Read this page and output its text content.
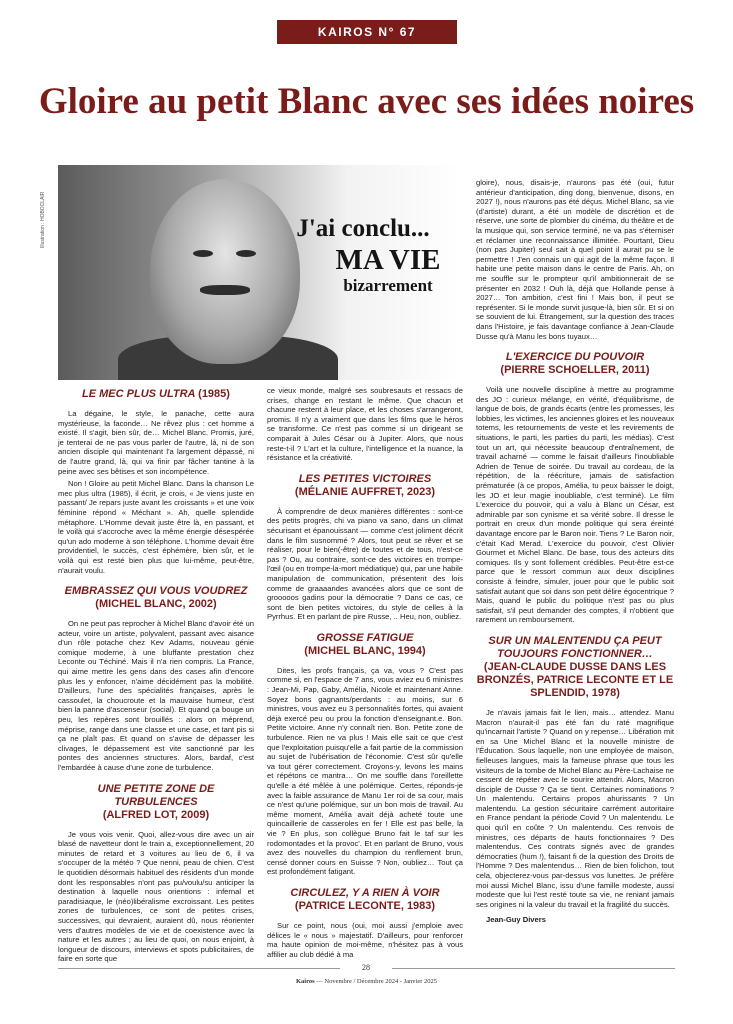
KAIROS N° 67
Gloire au petit Blanc avec ses idées noires
Illustration : HOBOCLAIR	J'ai conclu...
MA VIE
bizarrement
LE MEC PLUS ULTRA (1985)

La dégaine, le style, le panache, cette aura mystérieuse, la faconde… Ne rêvez plus : cet homme a existé. Il s'agit, bien sûr, de… Michel Blanc. Promis, juré, je tenterai de ne pas vous parler de l'autre, là, ni de son ancien disciple qui maintenant l'a largement dépassé, ni de l'autre grand, là, qui va finir par fâcher tantine à la peine avec ses bêtises et son incompétence.

Non ! Gloire au petit Michel Blanc. Dans la chanson Le mec plus ultra (1985), il écrit, je crois, « Je viens juste en passant/ Je repars juste avant les croissants » et une voix féminine répond « Méchant ». Ah, quelle splendide métaphore. L'Homme devait juste être là, en passant, et le voilà qui s'accroche avec la même énergie désespérée qu'un ado moderne à son téléphone. L'homme devait être providentiel, le succès, c'est éphémère, bien sûr, et le voilà qui est resté bien plus que lui-même, peut-être, n'aurait voulu.

EMBRASSEZ QUI VOUS VOUDREZ
(MICHEL BLANC, 2002)

On ne peut pas reprocher à Michel Blanc d'avoir été un acteur, voire un artiste, polyvalent, passant avec aisance d'un rôle potache chez Kev Adams, nouveau génie comique moderne, à une bluffante prestation chez Leconte ou Téchiné. Mais il n'a rien compris. La France, qui aime mettre les gens dans des cases afin d'encore plus les y enfoncer, n'aime décidément pas la mobilité. D'ailleurs, l'une des spécialités françaises, après le cassoulet, la choucroute et la mauvaise humeur, c'est bien la panne d'ascenseur (social). Et quand ça bouge un peu, les repères sont brouillés : alors on méprend, méprise, range dans une classe et une case, et tant pis si ça ne plaît pas. Et quand on s'avise de dépasser les clivages, le dépassement est vite sanctionné par les pontes des anciennes structures. Alors, bardaf, c'est l'embardée à cause d'une zone de turbulence.

UNE PETITE ZONE DE TURBULENCES
(ALFRED LOT, 2009)

Je vous vois venir. Quoi, allez-vous dire avec un air blasé de navetteur dont le train a, exceptionnellement, 20 minutes de retard et 3 voitures au lieu de 6, il va s'occuper de la météo ? Que nenni, peau de chien. C'est le quotidien désormais habituel des résidents d'un monde dont les responsables n'ont pas pu/voulu/su anticiper la destination à laquelle nous orientions : infernal et paradisiaque, le (néo)libéralisme excroissant. Les petites zones de turbulences, ce sont de petites crises, successives, qui devraient, auraient dû, nous réorienter vers d'autres modèles de vie et de coexistence avec la nature et les autres ; au lieu de quoi, on nous enjoint, à longueur de discours, interviews et spots publicitaires, de faire en sorte que

ce vieux monde, malgré ses soubresauts et ressacs de crises, change en restant le même. Que chacun et chacune restent à leur place, et les choses s'arrangeront, promis. Il n'y a vraiment que dans les films que le héros se transforme. Ce n'est pas comme si un dirigeant se comparait à Jules César ou à Jupiter. Alors, que nous reste-t-il ? L'art et la culture, l'intelligence et la nuance, la résistance et la créativité.

LES PETITES VICTOIRES
(MÉLANIE AUFFRET, 2023)

À comprendre de deux manières différentes : sont-ce des petits progrès, chi va piano va sano, dans un climat sécurisant et épanouissant — comme c'est joliment décrit dans le film susnommé ? Alors, tout peut se rêver et se réaliser, pour le bien(-être) de toutes et de tous, n'est-ce pas ? Ou, au contraire, sont-ce des victoires en trompe-l'œil (ou en trompe-la-mort médiatique) qui, par une habile manipulation de communication, présentent des lois comme de graaaandes avancées alors que ce sont de grooooos gadins pour la démocratie ? Dans ce cas, ce sont de bien petites victoires, du style de celles à la Pyrrhus. Et en parlant de pire Russe, .. Heu, non, oubliez.

GROSSE FATIGUE
(MICHEL BLANC, 1994)

Dites, les profs français, ça va, vous ? C'est pas comme si, en l'espace de 7 ans, vous aviez eu 6 ministres : Jean-Mi, Pap, Gaby, Amélia, Nicole et maintenant Anne. Soyez bons gagnants/perdants : au moins, sur 6 ministres, vous avez eu 3 personnalités fortes, qui avaient déjà exercé peu ou prou la fonction d'enseignant.e. Bon. Petite victoire. Anne n'y connaît rien. Bon. Petite zone de turbulence. Rien ne va plus ! Mais elle sait ce que c'est que l'exploitation puisqu'elle a fait partie de la commission au sujet de l'ubérisation de l'économie. C'est sûr qu'elle va tout gérer correctement. Croyons-y, levons les mains et répétons ce mantra… On me souffle dans l'oreillette qu'elle a été mêlée à une polémique. Certes, réponds-je avec la faible assurance de Manu 1er roi de sa cour, mais ce n'est qu'une polémique, sur un bon mois de travail. Au même moment, Amélia avait déjà acheté toute une quincaillerie de casseroles en fer ! Elle est pas belle, la vie ? En plus, son collègue Bruno fait le taf sur les rodomontades et la provoc'. Et en parlant de Bruno, vous avez des nouvelles du champion du renflement brun, censé donner cours en Suisse ? Non, oubliez… Tout ça est profondément fatigant.

CIRCULEZ, Y A RIEN À VOIR
(PATRICE LECONTE, 1983)

Sur ce point, nous (oui, moi aussi j'emploie avec délices le « nous » majestatif. D'ailleurs, pour renforcer ma haute opinion de moi-même, n'hésitez pas à vous affilier au club dédié à ma

gloire), nous, disais-je, n'aurons pas été (oui, futur antérieur d'anticipation, ding dong, bienvenue, disons, en 2027 !), nous n'aurons pas été déçus. Michel Blanc, sa vie (d'artiste) durant, a été un modèle de discrétion et de réserve, une sorte de plombier du cinéma, du théâtre et de la musique qui, son service terminé, ne va pas s'éterniser et réclamer une reconnaissance illimitée. Pourtant, Dieu (non pas Jupiter) seul sait à quel point il aurait pu se le permettre ! J'en connais un qui agit de la même façon. Il habite une petite maison dans le centre de Paris. Ah, on me souffle sur le prompteur qu'il ambitionnerait de se présenter en 2032 ! Ouh là, déjà que Hollande pense à 2027… Ton ambition, c'est fini ! Mais bon, il peut se représenter. Si le monde survit jusque-là, bien sûr. Et si on se souvient de lui. Étrangement, sur la question des traces dans l'Histoire, je fais davantage confiance à Jean-Claude Dusse qu'à Manu les bons tuyaux…

L'EXERCICE DU POUVOIR
(PIERRE SCHOELLER, 2011)

Voilà une nouvelle discipline à mettre au programme des JO : curieux mélange, en vérité, d'équilibrisme, de langue de bois, de grands écarts (entre les promesses, les lobbies, les victimes, les anciennes gloires et les nouveaux totems, les retournements de veste et les revirements de situations, le parti, les parties du parti, les médias). C'est tout un art, qui nécessite beaucoup d'entraînement, de travail acharné — comme le faisait d'ailleurs l'inoubliable Adrien de Tenue de soirée. Du travail au cordeau, de la répétition, de la réécriture, jamais de satisfaction prématurée (à ce propos, Amélia, tu peux baisser le doigt, les JO et leur magie inoubliable, c'est terminé). Le film L'exercice du pouvoir, qui a valu à Blanc un César, est admirable par son cynisme et sa vérité sobre. Il dresse le portrait en creux d'un monde politique qui sera éreinté davantage encore par le Baron noir. Tiens ? Le Baron noir, c'était Kad Merad. L'exercice du pouvoir, c'est Olivier Gourmet et Michel Blanc. De base, tous des acteurs dits comiques. Ils y sont follement crédibles. Peut-être est-ce parce que le ressort commun aux deux disciplines consiste à feindre, simuler, jouer pour que le public soit satisfait autant que soi dans son petit délire égocentrique ? Mais, quand le public du politique n'est pas ou plus satisfait, s'il peut demander des comptes, il n'obtient que rarement un remboursement.

SUR UN MALENTENDU ÇA PEUT TOUJOURS FONCTIONNER…
(JEAN-CLAUDE DUSSE DANS LES BRONZÉS, PATRICE LECONTE ET LE SPLENDID, 1978)

Je n'avais jamais fait le lien, mais… attendez. Manu Macron n'aurait-il pas été fan du raté magnifique qu'incarnait l'artiste ? Quand on y repense… Libération mit en sa Une Michel Blanc et la nouvelle ministre de l'Éducation. Sous laquelle, non une employée de maison, fielleuses langues, mais la fameuse phrase que tous les visiteurs de la tombe de Michel Blanc au Père-Lachaise ne cessent de répéter avec le sourire attendri. Alors, Macron disciple de Dusse ? Ça se tient. Certaines nominations ? Un malentendu. Certains propos ahurissants ? Un malentendu. La gestion sécuritaire carrément autoritaire en France pendant la période Covid ? Un malentendu. Le quoi qu'il en coûte ? Un malentendu. Ces renvois de ministres, ces départs de hauts fonctionnaires ? Des malentendus. Ces contrats signés avec de grandes démocraties (hum !), faisant fi de la question des Droits de l'Homme ? Des malentendus… Rien de bien folichon, tout cela, objecterez-vous par-dessus vos lunettes. Je préfère moi aussi Michel Blanc, issu d'une famille modeste, aussi modeste que lui l'est resté toute sa vie, ne reniant jamais ses origines ni la valeur du travail et la fragilité du succès.

Jean-Guy Divers
28
Kairos — Novembre / Décembre 2024 - Janvier 2025
